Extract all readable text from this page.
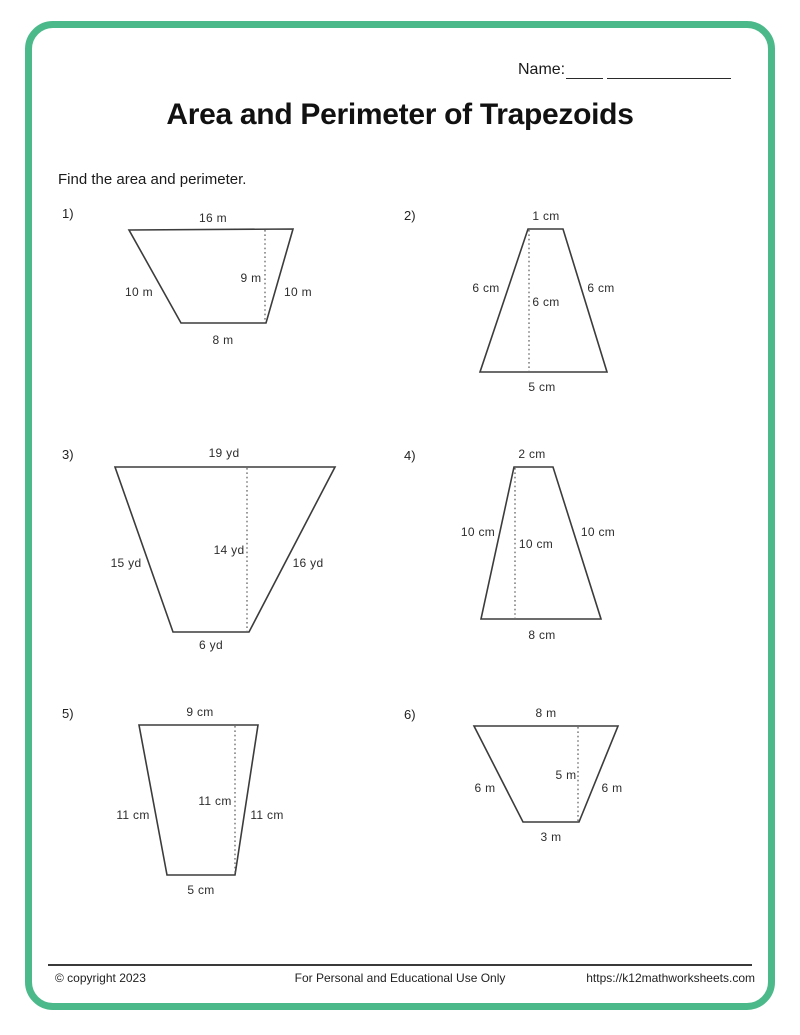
Name:
Area and Perimeter of Trapezoids
Find the area and perimeter.
1)	16 m
10 m	10 m
9 m
8 m
2)	1 cm
6 cm	6 cm
6 cm
5 cm
3)	19 yd
15 yd	16 yd
14 yd
6 yd
4)	2 cm
10 cm	10 cm
10 cm
8 cm
5)	9 cm
11 cm	11 cm
11 cm
5 cm
6)	8 m
6 m	6 m
5 m
3 m
© copyright 2023	For Personal and Educational Use Only	https://k12mathworksheets.com
